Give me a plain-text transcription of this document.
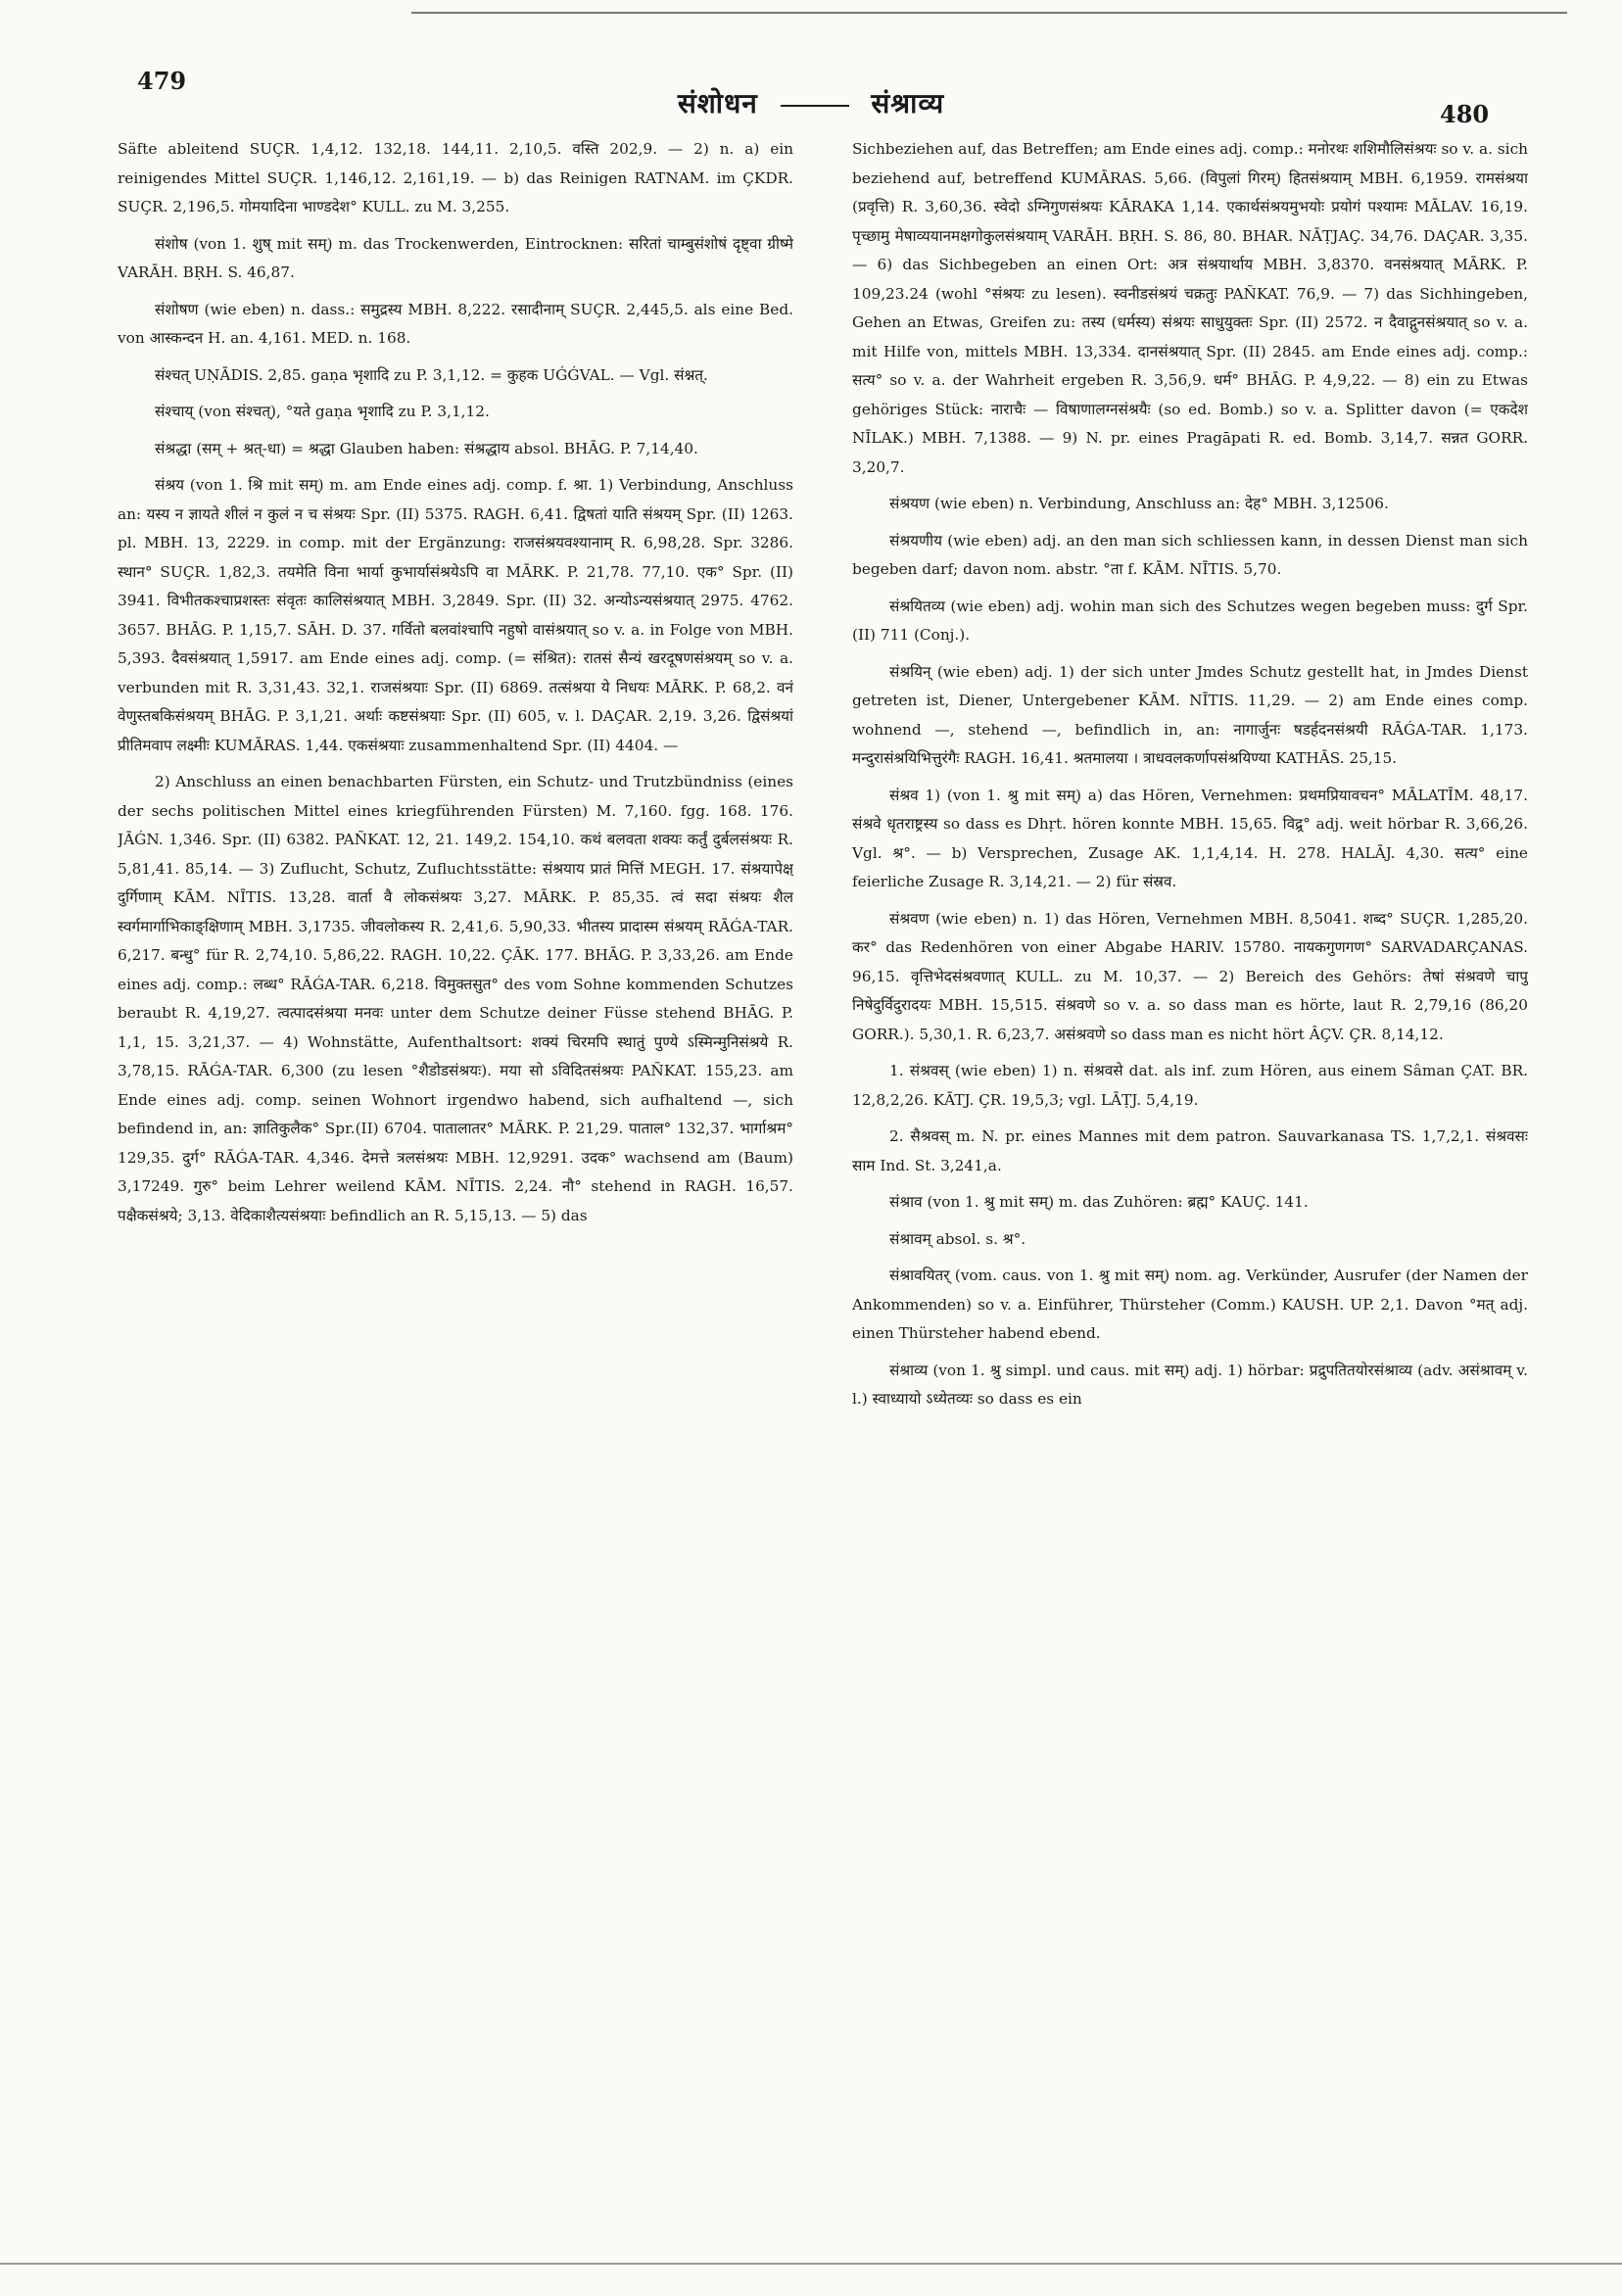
479
संशोधन	संश्राव्य	480

Säfte ableitend SUÇR. 1,4,12. 132,18. 144,11. 2,10,5. वस्ति 202,9. — 2) n. a) ein reinigendes Mittel SUÇR. 1,146,12. 2,161,19. — b) das Reinigen RATNAM. im ÇKDR. SUÇR. 2,196,5. गोमयादिना भाण्डदेश° KULL. zu M. 3,255.

संशोष (von 1. शुष् mit सम्) m. das Trockenwerden, Eintrocknen: सरितां चाम्बुसंशोषं दृष्ट्वा ग्रीष्मे VARĀH. BṚH. S. 46,87.

संशोषण (wie eben) n. dass.: समुद्रस्य MBH. 8,222. रसादीनाम् SUÇR. 2,445,5. als eine Bed. von आस्कन्दन H. an. 4,161. MED. n. 168.

संश्चत् UṆĀDIS. 2,85. gaṇa भृशादि zu P. 3,1,12. = कुहक UǴǴVAL. — Vgl. संश्नत्.

संश्चाय् (von संश्चत्), °यते gaṇa भृशादि zu P. 3,1,12.

संश्रद्धा (सम् + श्रत्-धा) = श्रद्धा Glauben haben: संश्रद्धाय absol. BHĀG. P. 7,14,40.

संश्रय (von 1. श्रि mit सम्) m. am Ende eines adj. comp. f. श्रा. 1) Verbindung, Anschluss an: यस्य न ज्ञायते शीलं न कुलं न च संश्रयः Spr. (II) 5375. RAGH. 6,41. द्विषतां याति संश्रयम् Spr. (II) 1263. pl. MBH. 13, 2229. in comp. mit der Ergänzung: राजसंश्रयवश्यानाम् R. 6,98,28. Spr. 3286. स्थान° SUÇR. 1,82,3. तयमेति विना भार्या कुभार्यासंश्रयेऽपि वा MĀRK. P. 21,78. 77,10. एक° Spr. (II) 3941. विभीतकश्चाप्रशस्तः संवृतः कालिसंश्रयात् MBH. 3,2849. Spr. (II) 32. अन्योऽन्यसंश्रयात् 2975. 4762. 3657. BHĀG. P. 1,15,7. SĀH. D. 37. गर्वितो बलवांश्चापि नहुषो वासंश्रयात् so v. a. in Folge von MBH. 5,393. दैवसंश्रयात् 1,5917. am Ende eines adj. comp. (= संश्रित): रातसं सैन्यं खरदूषणसंश्रयम् so v. a. verbunden mit R. 3,31,43. 32,1. राजसंश्रयाः Spr. (II) 6869. तत्संश्रया ये निधयः MĀRK. P. 68,2. वनं वेणुस्तबकिसंश्रयम् BHĀG. P. 3,1,21. अर्थाः कष्टसंश्रयाः Spr. (II) 605, v. l. DAÇAR. 2,19. 3,26. द्विसंश्रयां प्रीतिमवाप लक्ष्मीः KUMĀRAS. 1,44. एकसंश्रयाः zusammenhaltend Spr. (II) 4404. —

2) Anschluss an einen benachbarten Fürsten, ein Schutz- und Trutzbündniss (eines der sechs politischen Mittel eines kriegführenden Fürsten) M. 7,160. fgg. 168. 176. JĀǴN. 1,346. Spr. (II) 6382. PAÑKAT. 12, 21. 149,2. 154,10. कथं बलवता शक्यः कर्तुं दुर्बलसंश्रयः R. 5,81,41. 85,14. — 3) Zuflucht, Schutz, Zufluchtsstätte: संश्रयाय प्रातं मित्तिं MEGH. 17. संश्रयापेक्ष् दुर्गिणाम् KĀM. NĪTIS. 13,28. वार्ता वै लोकसंश्रयः 3,27. MĀRK. P. 85,35. त्वं सदा संश्रयः शैल स्वर्गमार्गाभिकाङ्क्षिणाम् MBH. 3,1735. जीवलोकस्य R. 2,41,6. 5,90,33. भीतस्य प्रादास्म संश्रयम् RĀǴA-TAR. 6,217. बन्धु° für R. 2,74,10. 5,86,22. RAGH. 10,22. ÇĀK. 177. BHĀG. P. 3,33,26. am Ende eines adj. comp.: लब्ध° RĀǴA-TAR. 6,218. विमुक्तसुत° des vom Sohne kommenden Schutzes beraubt R. 4,19,27. त्वत्पादसंश्रया मनवः unter dem Schutze deiner Füsse stehend BHĀG. P. 1,1, 15. 3,21,37. — 4) Wohnstätte, Aufenthaltsort: शक्यं चिरमपि स्थातुं पुण्ये ऽस्मिन्मुनिसंश्रये R. 3,78,15. RĀǴA-TAR. 6,300 (zu lesen °शैडोडसंश्रयः). मया सो ऽविदितसंश्रयः PAÑKAT. 155,23. am Ende eines adj. comp. seinen Wohnort irgendwo habend, sich aufhaltend —, sich befindend in, an: ज्ञातिकुलैक° Spr.(II) 6704. पातालातर° MĀRK. P. 21,29. पाताल° 132,37. भार्गाश्रम° 129,35. दुर्ग° RĀǴA-TAR. 4,346. देमत्ते त्रलसंश्रयः MBH. 12,9291. उदक° wachsend am (Baum) 3,17249. गुरु° beim Lehrer weilend KĀM. NĪTIS. 2,24. नौ° stehend in RAGH. 16,57. पक्षैकसंश्रये; 3,13. वेदिकाशैत्यसंश्रयाः befindlich an R. 5,15,13. — 5) das

Sichbeziehen auf, das Betreffen; am Ende eines adj. comp.: मनोरथः शशिमौलिसंश्रयः so v. a. sich beziehend auf, betreffend KUMĀRAS. 5,66. (विपुलां गिरम्) हितसंश्रयाम् MBH. 6,1959. रामसंश्रया (प्रवृत्ति) R. 3,60,36. स्वेदो ऽग्निगुणसंश्रयः KĀRAKA 1,14. एकार्थसंश्रयमुभयोः प्रयोगं पश्यामः MĀLAV. 16,19. पृच्छामु मेषाव्ययानमक्षगोकुलसंश्रयाम् VARĀH. BṚH. S. 86, 80. BHAR. NĀṬJAÇ. 34,76. DAÇAR. 3,35. — 6) das Sichbegeben an einen Ort: अत्र संश्रयार्थाय MBH. 3,8370. वनसंश्रयात् MĀRK. P. 109,23.24 (wohl °संश्रयः zu lesen). स्वनीडसंश्रयं चक्रतुः PAÑKAT. 76,9. — 7) das Sichhingeben, Gehen an Etwas, Greifen zu: तस्य (धर्मस्य) संश्रयः साधुयुक्तः Spr. (II) 2572. न दैवाद्गुनसंश्रयात् so v. a. mit Hilfe von, mittels MBH. 13,334. दानसंश्रयात् Spr. (II) 2845. am Ende eines adj. comp.: सत्य° so v. a. der Wahrheit ergeben R. 3,56,9. धर्म° BHĀG. P. 4,9,22. — 8) ein zu Etwas gehöriges Stück: नाराचैः — विषाणालग्नसंश्रयैः (so ed. Bomb.) so v. a. Splitter davon (= एकदेश NĪLAK.) MBH. 7,1388. — 9) N. pr. eines Pragāpati R. ed. Bomb. 3,14,7. सन्नत GORR. 3,20,7.

संश्रयण (wie eben) n. Verbindung, Anschluss an: देह° MBH. 3,12506.

संश्रयणीय (wie eben) adj. an den man sich schliessen kann, in dessen Dienst man sich begeben darf; davon nom. abstr. °ता f. KĀM. NĪTIS. 5,70.

संश्रयितव्य (wie eben) adj. wohin man sich des Schutzes wegen begeben muss: दुर्ग Spr. (II) 711 (Conj.).

संश्रयिन् (wie eben) adj. 1) der sich unter Jmdes Schutz gestellt hat, in Jmdes Dienst getreten ist, Diener, Untergebener KĀM. NĪTIS. 11,29. — 2) am Ende eines comp. wohnend —, stehend —, befindlich in, an: नागार्जुनः षडर्हदनसंश्रयी RĀǴA-TAR. 1,173. मन्दुरासंश्रयिभित्तुरंगैः RAGH. 16,41. श्रतमालया । त्राधवलकर्णापसंश्रयिण्या KATHĀS. 25,15.

संश्रव 1) (von 1. श्रु mit सम्) a) das Hören, Vernehmen: प्रथमप्रियावचन° MĀLATĪM. 48,17. संश्रवे धृतराष्ट्रस्य so dass es Dhṛt. hören konnte MBH. 15,65. विद्र्र° adj. weit hörbar R. 3,66,26. Vgl. श्र°. — b) Versprechen, Zusage AK. 1,1,4,14. H. 278. HALĀJ. 4,30. सत्य° eine feierliche Zusage R. 3,14,21. — 2) für संस्रव.

संश्रवण (wie eben) n. 1) das Hören, Vernehmen MBH. 8,5041. शब्द° SUÇR. 1,285,20. कर° das Redenhören von einer Abgabe HARIV. 15780. नायकगुणगण° SARVADARÇANAS. 96,15. वृत्तिभेदसंश्रवणात् KULL. zu M. 10,37. — 2) Bereich des Gehörs: तेषां संश्रवणे चापु निषेदुर्विदुरादयः MBH. 15,515. संश्रवणे so v. a. so dass man es hörte, laut R. 2,79,16 (86,20 GORR.). 5,30,1. R. 6,23,7. असंश्रवणे so dass man es nicht hört ÂÇV. ÇR. 8,14,12.

1. संश्रवस् (wie eben) 1) n. संश्रवसे dat. als inf. zum Hören, aus einem Sâman ÇAT. BR. 12,8,2,26. KĀTJ. ÇR. 19,5,3; vgl. LĀṬJ. 5,4,19.

2. सैश्रवस् m. N. pr. eines Mannes mit dem patron. Sauvarkanasa TS. 1,7,2,1. संश्रवसः साम Ind. St. 3,241,a.

संश्राव (von 1. श्रु mit सम्) m. das Zuhören: ब्रह्म° KAUÇ. 141.

संश्रावम् absol. s. श्र°.

संश्रावयितर् (vom. caus. von 1. श्रु mit सम्) nom. ag. Verkünder, Ausrufer (der Namen der Ankommenden) so v. a. Einführer, Thürsteher (Comm.) KAUSH. UP. 2,1. Davon °मत् adj. einen Thürsteher habend ebend.

संश्राव्य (von 1. श्रु simpl. und caus. mit सम्) adj. 1) hörbar: प्रद्रुपतितयोरसंश्राव्य (adv. असंश्रावम् v. l.) स्वाध्यायो ऽध्येतव्यः so dass es ein
